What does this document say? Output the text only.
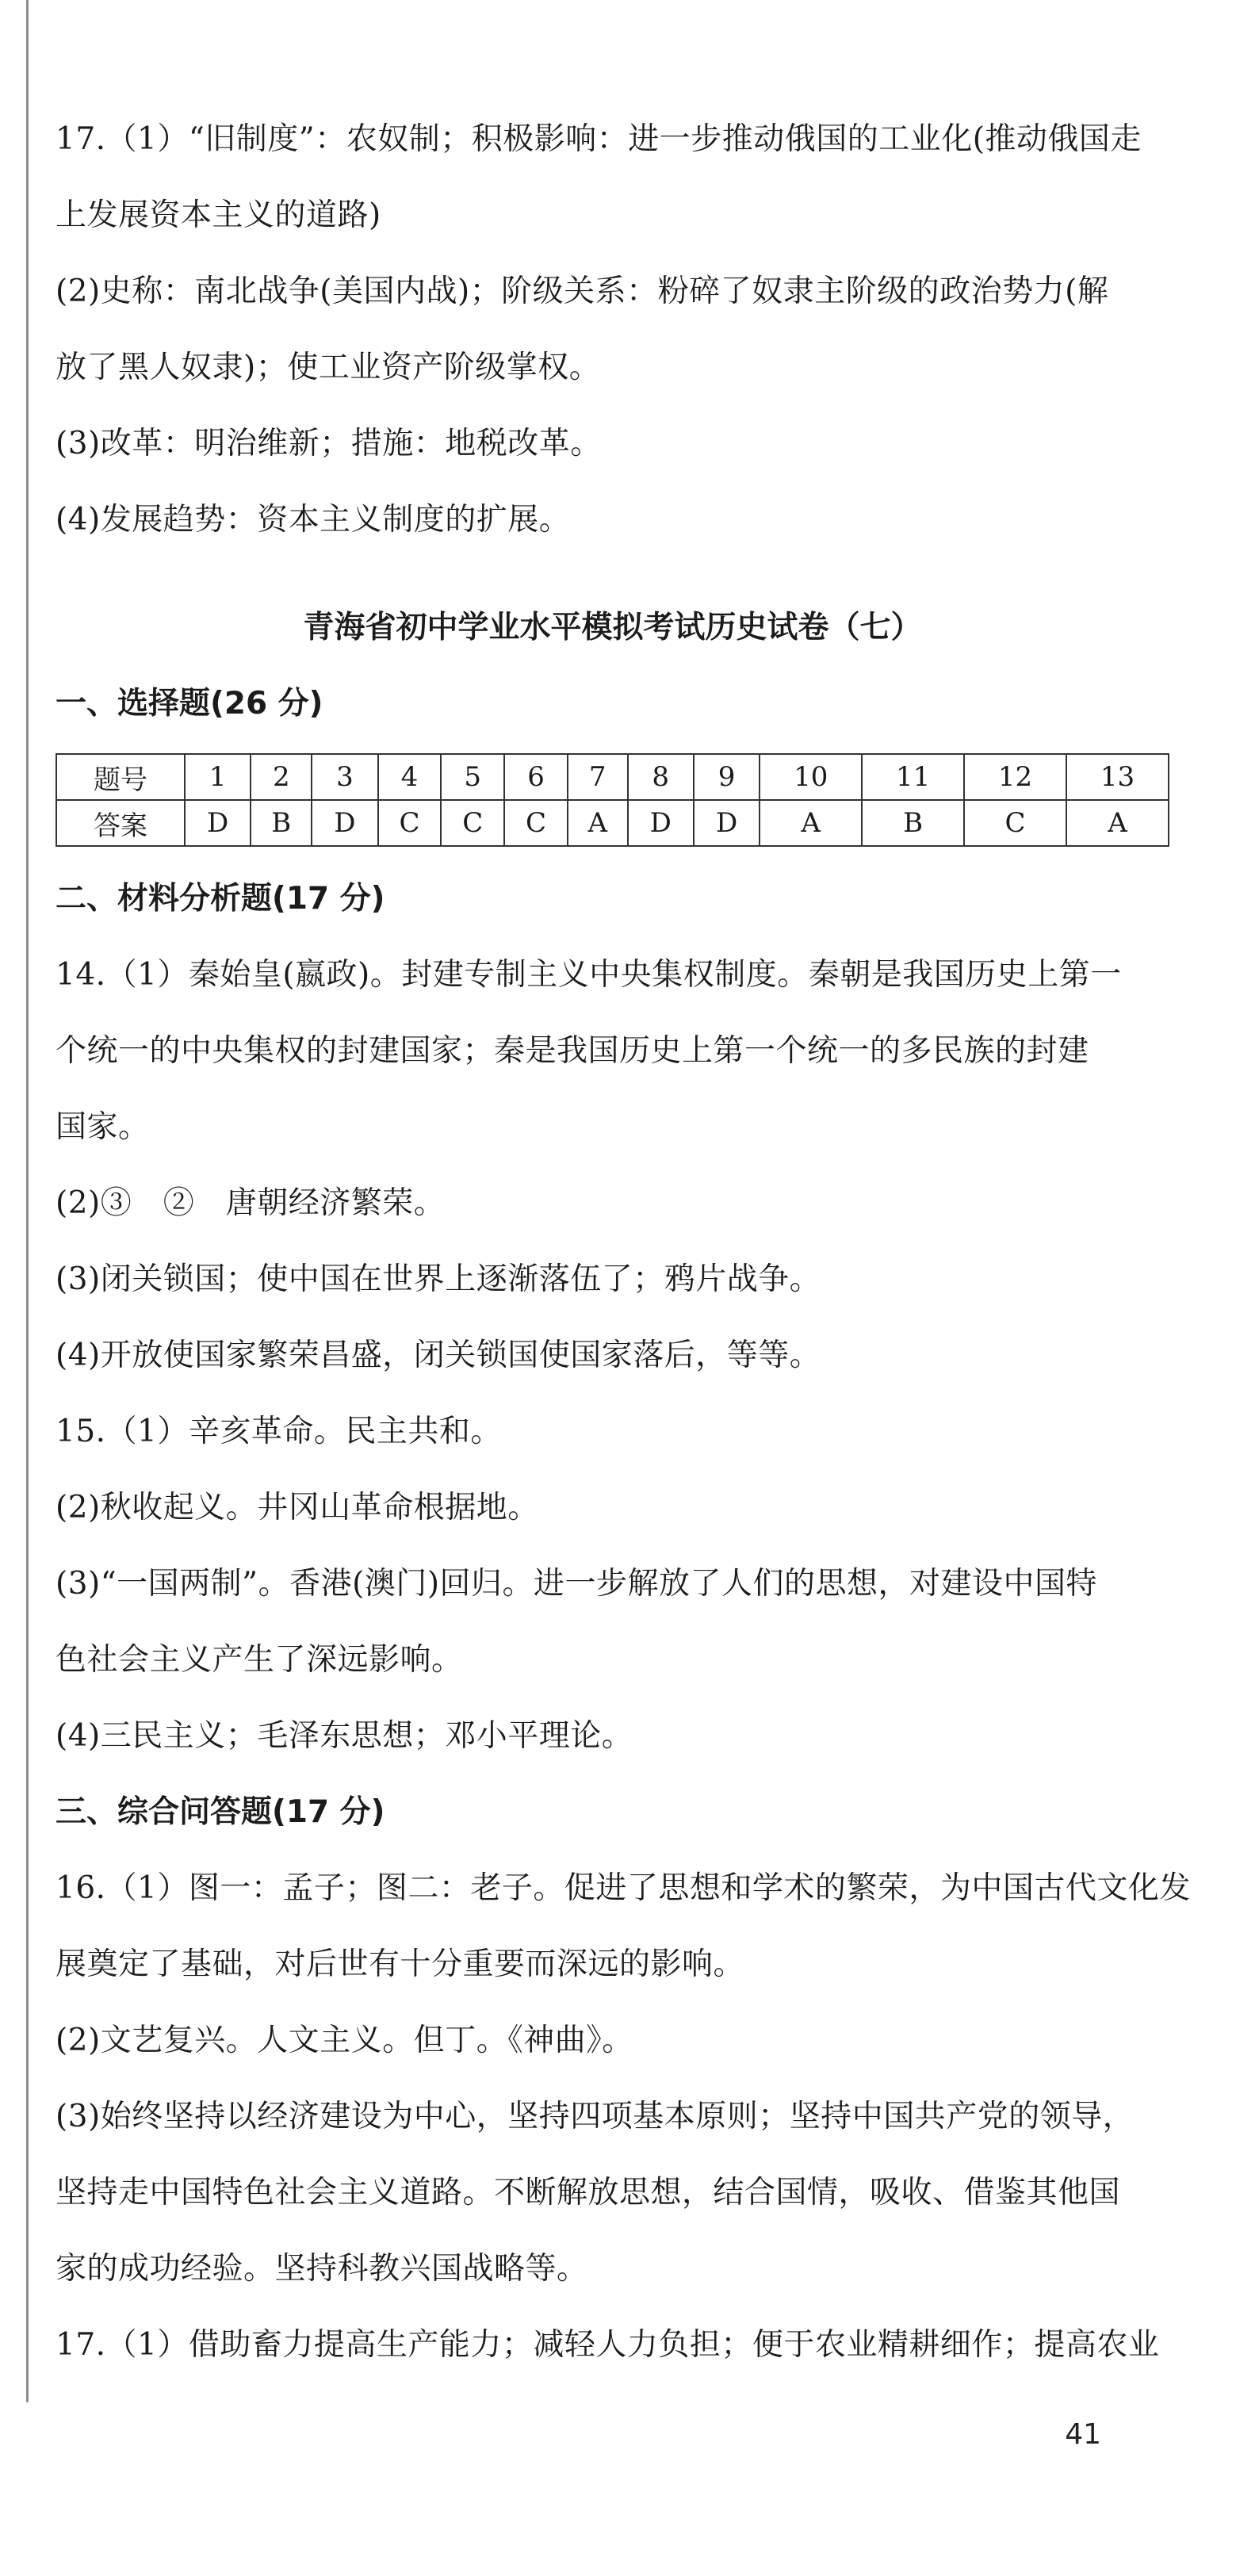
17.（1）“旧制度”：农奴制；积极影响：进一步推动俄国的工业化(推动俄国走

上发展资本主义的道路)

(2)史称：南北战争(美国内战)；阶级关系：粉碎了奴隶主阶级的政治势力(解

放了黑人奴隶)；使工业资产阶级掌权。

(3)改革：明治维新；措施：地税改革。

(4)发展趋势：资本主义制度的扩展。

青海省初中学业水平模拟考试历史试卷（七）

一、选择题(26 分)

题号	1	2	3	4	5	6	7	8	9	10	11	12	13
答案	D	B	D	C	C	C	A	D	D	A	B	C	A

二、材料分析题(17 分)

14.（1）秦始皇(嬴政)。封建专制主义中央集权制度。秦朝是我国历史上第一

个统一的中央集权的封建国家；秦是我国历史上第一个统一的多民族的封建

国家。

(2)③　②　唐朝经济繁荣。

(3)闭关锁国；使中国在世界上逐渐落伍了；鸦片战争。

(4)开放使国家繁荣昌盛，闭关锁国使国家落后，等等。

15.（1）辛亥革命。民主共和。

(2)秋收起义。井冈山革命根据地。

(3)“一国两制”。香港(澳门)回归。进一步解放了人们的思想，对建设中国特

色社会主义产生了深远影响。

(4)三民主义；毛泽东思想；邓小平理论。

三、综合问答题(17 分)

16.（1）图一：孟子；图二：老子。促进了思想和学术的繁荣，为中国古代文化发

展奠定了基础，对后世有十分重要而深远的影响。

(2)文艺复兴。人文主义。但丁。《神曲》。

(3)始终坚持以经济建设为中心，坚持四项基本原则；坚持中国共产党的领导，

坚持走中国特色社会主义道路。不断解放思想，结合国情，吸收、借鉴其他国

家的成功经验。坚持科教兴国战略等。

17.（1）借助畜力提高生产能力；减轻人力负担；便于农业精耕细作；提高农业

41
